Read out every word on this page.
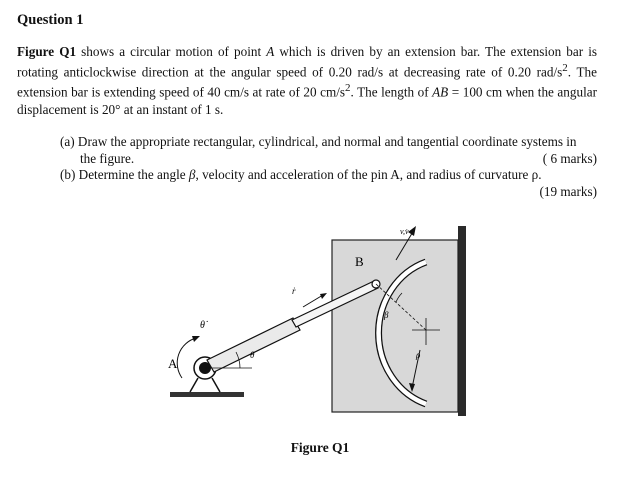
Question 1
Figure Q1 shows a circular motion of point A which is driven by an extension bar. The extension bar is rotating anticlockwise direction at the angular speed of 0.20 rad/s at decreasing rate of 0.20 rad/$s^2$. The extension bar is extending speed of 40 cm/s at rate of 20 $cm/s^2$. The length of AB = 100 cm when the angular displacement is 20° at an instant of 1 s.
(a) Draw the appropriate rectangular, cylindrical, and normal and tangential coordinate systems in
the figure.	( 6 marks)
(b) Determine the angle β, velocity and acceleration of the pin A, and radius of curvature ρ.
(19 marks)
A
B
θ
θ̇
ṙ
v,v̇
β
ρ
Figure Q1
